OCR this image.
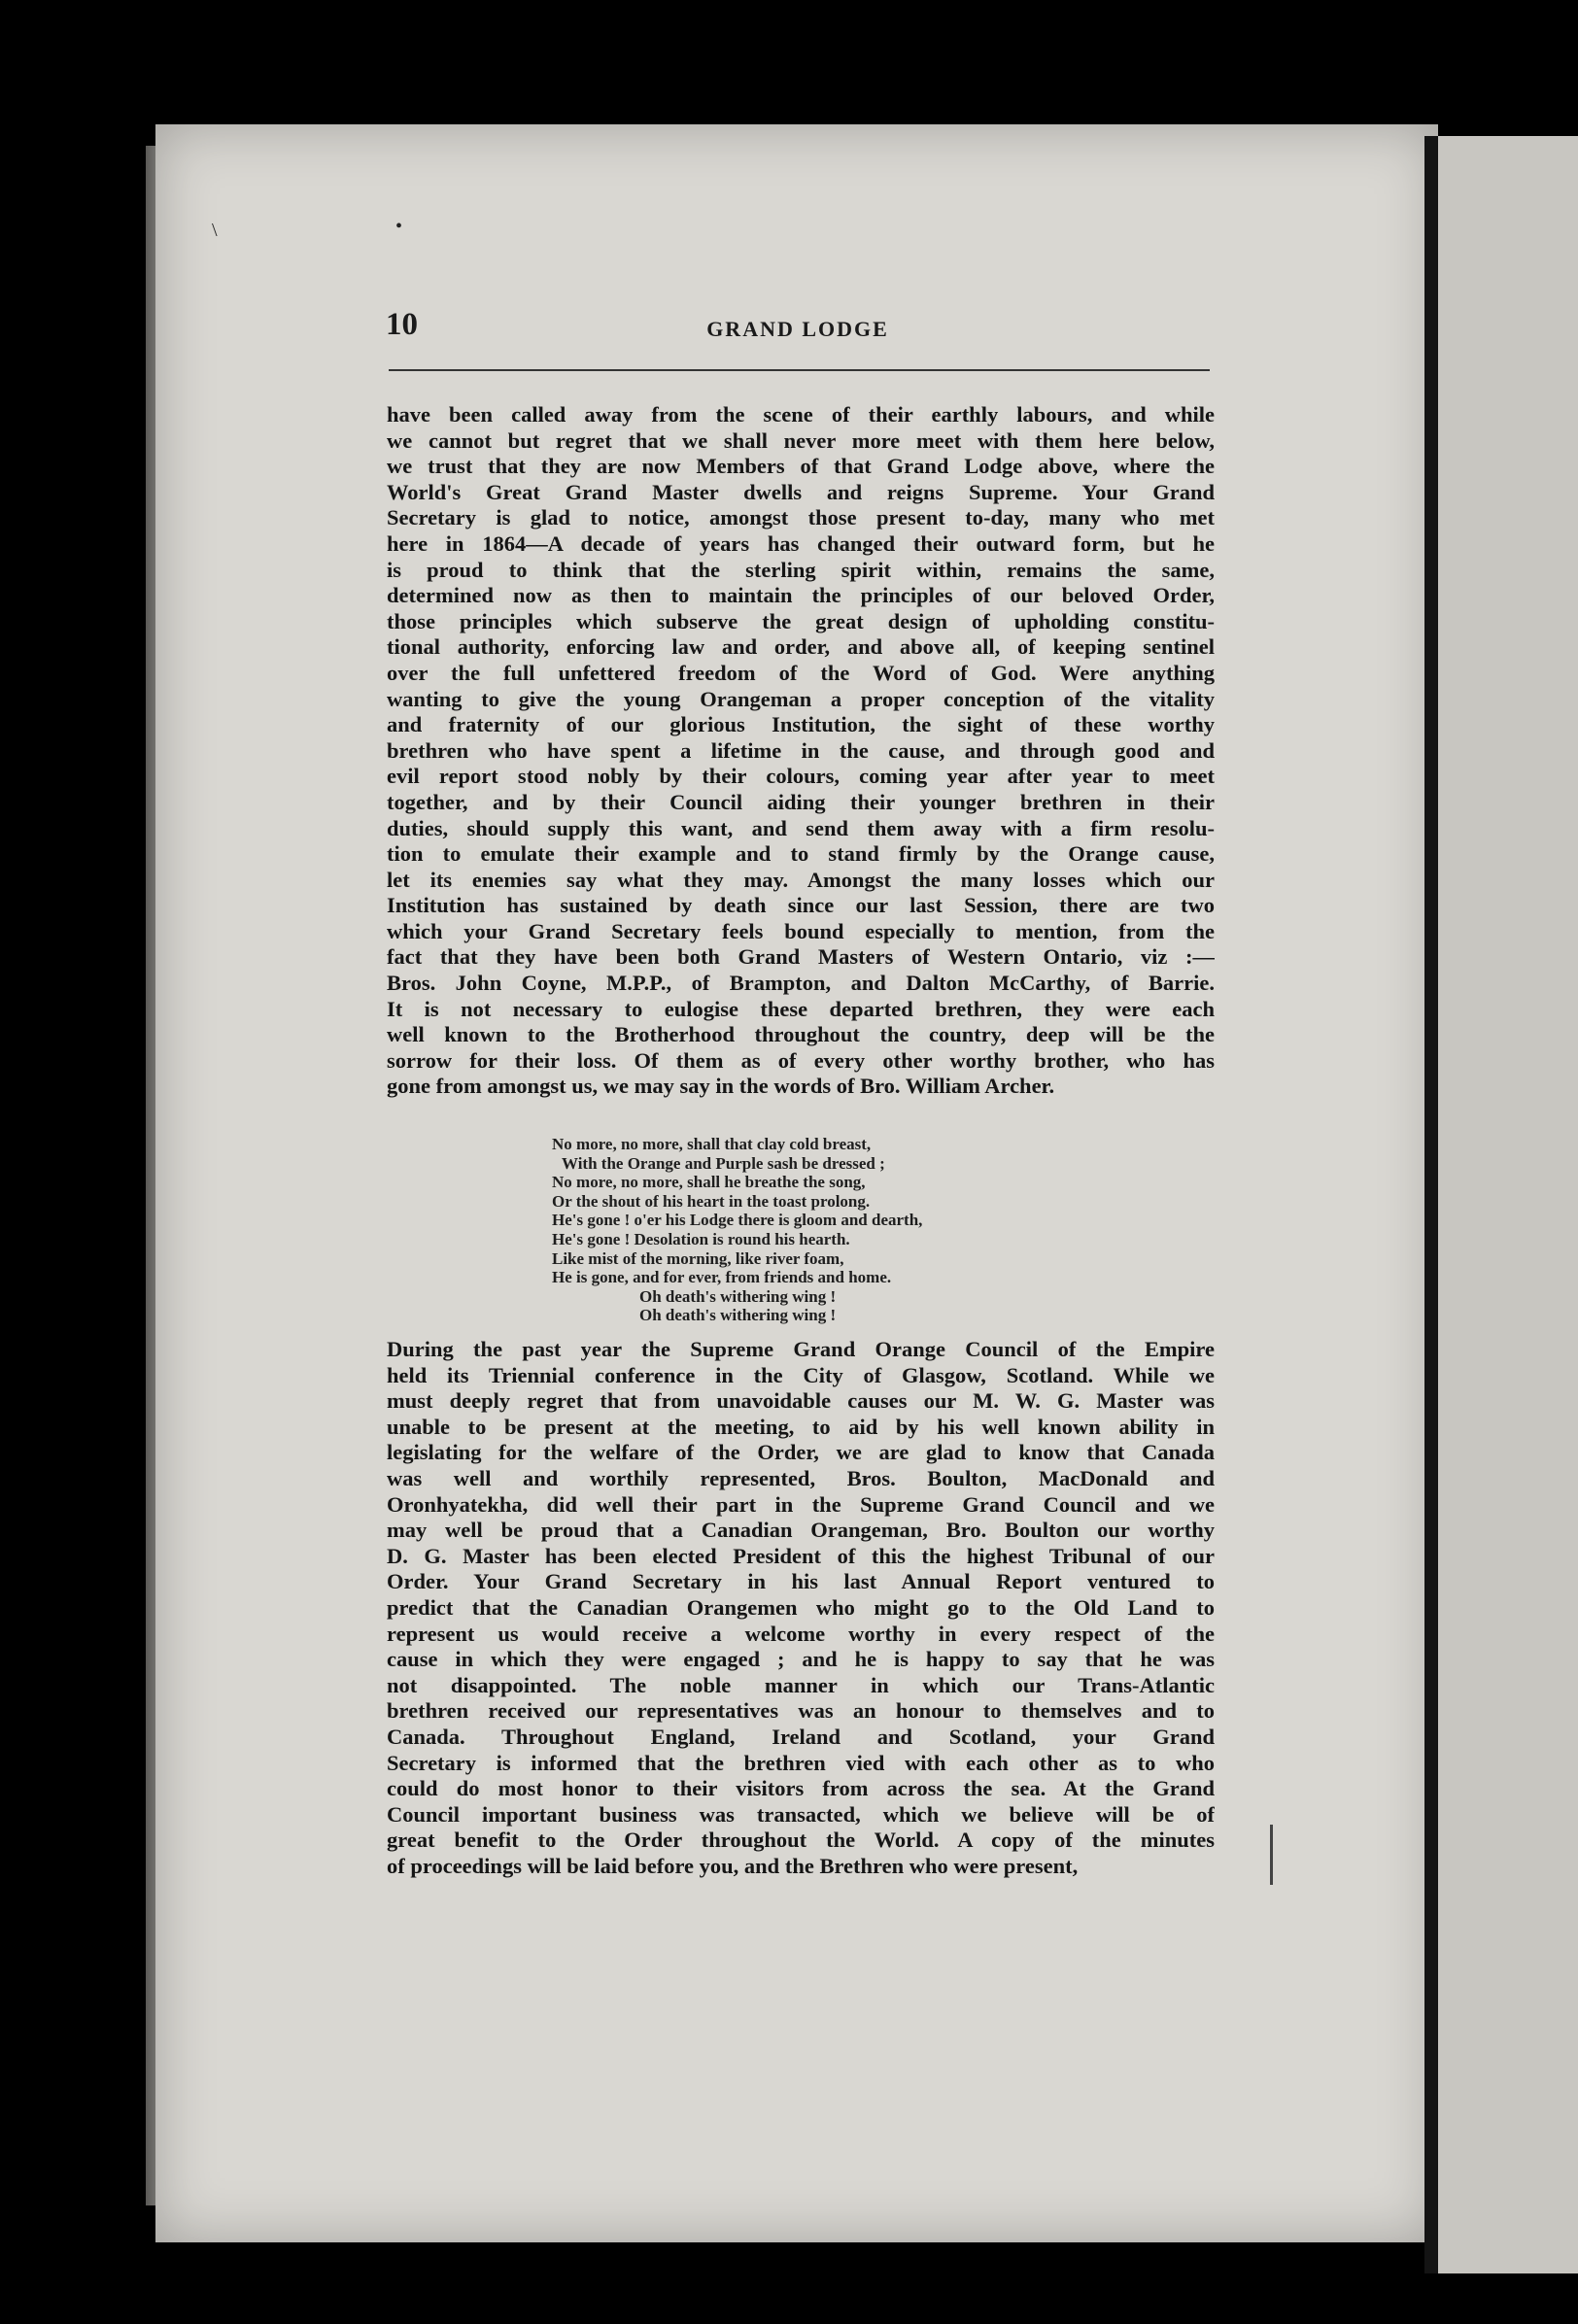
10	GRAND LODGE
have been called away from the scene of their earthly labours, and while
we cannot but regret that we shall never more meet with them here below,
we trust that they are now Members of that Grand Lodge above, where the
World's Great Grand Master dwells and reigns Supreme. Your Grand
Secretary is glad to notice, amongst those present to-day, many who met
here in 1864—A decade of years has changed their outward form, but he
is proud to think that the sterling spirit within, remains the same,
determined now as then to maintain the principles of our beloved Order,
those principles which subserve the great design of upholding constitu-
tional authority, enforcing law and order, and above all, of keeping sentinel
over the full unfettered freedom of the Word of God. Were anything
wanting to give the young Orangeman a proper conception of the vitality
and fraternity of our glorious Institution, the sight of these worthy
brethren who have spent a lifetime in the cause, and through good and
evil report stood nobly by their colours, coming year after year to meet
together, and by their Council aiding their younger brethren in their
duties, should supply this want, and send them away with a firm resolu-
tion to emulate their example and to stand firmly by the Orange cause,
let its enemies say what they may. Amongst the many losses which our
Institution has sustained by death since our last Session, there are two
which your Grand Secretary feels bound especially to mention, from the
fact that they have been both Grand Masters of Western Ontario, viz :—
Bros. John Coyne, M.P.P., of Brampton, and Dalton McCarthy, of Barrie.
It is not necessary to eulogise these departed brethren, they were each
well known to the Brotherhood throughout the country, deep will be the
sorrow for their loss. Of them as of every other worthy brother, who has
gone from amongst us, we may say in the words of Bro. William Archer.
No more, no more, shall that clay cold breast,
With the Orange and Purple sash be dressed ;
No more, no more, shall he breathe the song,
Or the shout of his heart in the toast prolong.
He's gone ! o'er his Lodge there is gloom and dearth,
He's gone ! Desolation is round his hearth.
Like mist of the morning, like river foam,
He is gone, and for ever, from friends and home.
Oh death's withering wing !
Oh death's withering wing !
During the past year the Supreme Grand Orange Council of the Empire
held its Triennial conference in the City of Glasgow, Scotland. While we
must deeply regret that from unavoidable causes our M. W. G. Master was
unable to be present at the meeting, to aid by his well known ability in
legislating for the welfare of the Order, we are glad to know that Canada
was well and worthily represented, Bros. Boulton, MacDonald and
Oronhyatekha, did well their part in the Supreme Grand Council and we
may well be proud that a Canadian Orangeman, Bro. Boulton our worthy
D. G. Master has been elected President of this the highest Tribunal of our
Order. Your Grand Secretary in his last Annual Report ventured to
predict that the Canadian Orangemen who might go to the Old Land to
represent us would receive a welcome worthy in every respect of the
cause in which they were engaged ; and he is happy to say that he was
not disappointed. The noble manner in which our Trans-Atlantic
brethren received our representatives was an honour to themselves and to
Canada. Throughout England, Ireland and Scotland, your Grand
Secretary is informed that the brethren vied with each other as to who
could do most honor to their visitors from across the sea. At the Grand
Council important business was transacted, which we believe will be of
great benefit to the Order throughout the World. A copy of the minutes
of proceedings will be laid before you, and the Brethren who were present,
\	•
